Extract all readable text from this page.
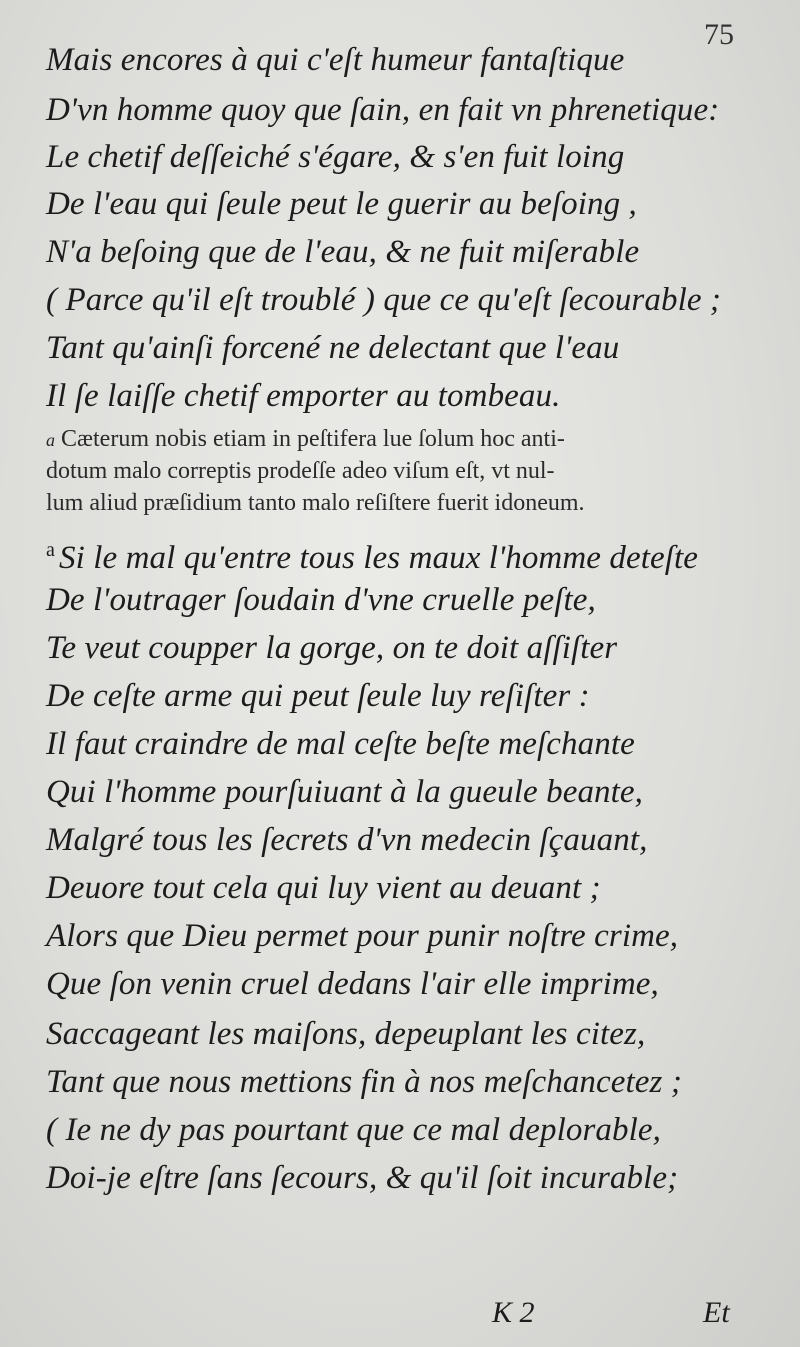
75
Mais encores à qui c'eſt humeur fantaſtique
D'vn homme quoy que ſain, en fait vn phrenetique:
Le chetif deſſeiché s'égare, & s'en fuit loing
De l'eau qui ſeule peut le guerir au beſoing ,
N'a beſoing que de l'eau, & ne fuit miſerable
( Parce qu'il eſt troublé ) que ce qu'eſt ſecourable ;
Tant qu'ainſi forcené ne delectant que l'eau
Il ſe laiſſe chetif emporter au tombeau.
a Cæterum nobis etiam in peſtifera lue ſolum hoc anti-
dotum malo correptis prodeſſe adeo viſum eſt, vt nul-
lum aliud præſidium tanto malo reſiſtere fuerit idoneum.
$^a$ Si le mal qu'entre tous les maux l'homme deteſte
De l'outrager ſoudain d'vne cruelle peſte,
Te veut coupper la gorge, on te doit aſſiſter
De ceſte arme qui peut ſeule luy reſiſter :
Il faut craindre de mal ceſte beſte meſchante
Qui l'homme pourſuiuant à la gueule beante,
Malgré tous les ſecrets d'vn medecin ſçauant,
Deuore tout cela qui luy vient au deuant ;
Alors que Dieu permet pour punir noſtre crime,
Que ſon venin cruel dedans l'air elle imprime,
Saccageant les maiſons, depeuplant les citez,
Tant que nous mettions fin à nos meſchancetez ;
( Ie ne dy pas pourtant que ce mal deplorable,
Doi-je eſtre ſans ſecours, & qu'il ſoit incurable;
K 2	Et
